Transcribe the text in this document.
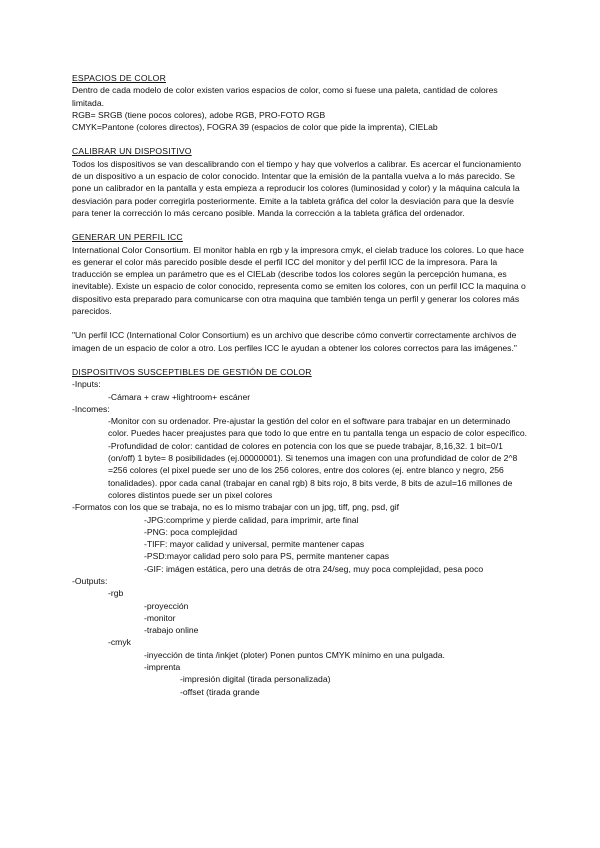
ESPACIOS DE COLOR

Dentro de cada modelo de color existen varios espacios de color, como si fuese una paleta, cantidad de colores limitada.

RGB= SRGB (tiene pocos colores), adobe RGB, PRO-FOTO RGB

CMYK=Pantone (colores directos), FOGRA 39 (espacios de color que pide la imprenta), CIELab

CALIBRAR UN DISPOSITIVO

Todos los dispositivos se van descalibrando con el tiempo y hay que volverlos a calibrar. Es acercar el funcionamiento de un dispositivo a un espacio de color conocido. Intentar que la emisión de la pantalla vuelva a lo más parecido. Se pone un calibrador en la pantalla y esta empieza a reproducir los colores (luminosidad y color) y la máquina calcula la desviación para poder corregirla posteriormente. Emite a la tableta gráfica del color la desviación para que la desvíe para tener la corrección lo más cercano posible. Manda la corrección a la tableta gráfica del ordenador.

GENERAR UN PERFIL ICC

International Color Consortium. El monitor habla en rgb y la impresora cmyk, el cielab traduce los colores. Lo que hace es generar el color más parecido posible desde el perfil ICC del monitor y del perfil ICC de la impresora. Para la traducción se emplea un parámetro que es el CIELab (describe todos los colores según la percepción humana, es inevitable). Existe un espacio de color conocido, representa como se emiten los colores, con un perfil ICC la maquina o dispositivo esta preparado para comunicarse con otra maquina que también tenga un perfil y generar los colores más parecidos.

"Un perfil ICC (International Color Consortium) es un archivo que describe cómo convertir correctamente archivos de imagen de un espacio de color a otro. Los perfiles ICC le ayudan a obtener los colores correctos para las imágenes."

DISPOSITIVOS SUSCEPTIBLES DE GESTIÓN DE COLOR
-Inputs:
-Cámara + craw +lightroom+ escáner
-Incomes:
-Monitor con su ordenador. Pre-ajustar la gestión del color en el software para trabajar en un determinado color. Puedes hacer preajustes para que todo lo que entre en tu pantalla tenga un espacio de color especifico.
-Profundidad de color: cantidad de colores en potencia con los que se puede trabajar, 8,16,32. 1 bit=0/1 (on/off) 1 byte= 8 posibilidades (ej.00000001). Si tenemos una imagen con una profundidad de color de 2^8 =256 colores (el pixel puede ser uno de los 256 colores, entre dos colores (ej. entre blanco y negro, 256 tonalidades). ppor cada canal (trabajar en canal rgb) 8 bits rojo, 8 bits verde, 8 bits de azul=16 millones de colores distintos puede ser un pixel colores
-Formatos con los que se trabaja, no es lo mismo trabajar con un jpg, tiff, png, psd, gif
-JPG:comprime y pierde calidad, para imprimir, arte final
-PNG: poca complejidad
-TIFF: mayor calidad y universal, permite mantener capas
-PSD:mayor calidad pero solo para PS, permite mantener capas
-GIF: imágen estática, pero una detrás de otra 24/seg, muy poca complejidad, pesa poco
-Outputs:
-rgb
-proyección
-monitor
-trabajo online
-cmyk
-inyección de tinta /inkjet (ploter) Ponen puntos CMYK mínimo en una pulgada.
-imprenta
-impresión digital (tirada personalizada)
-offset (tirada grande
